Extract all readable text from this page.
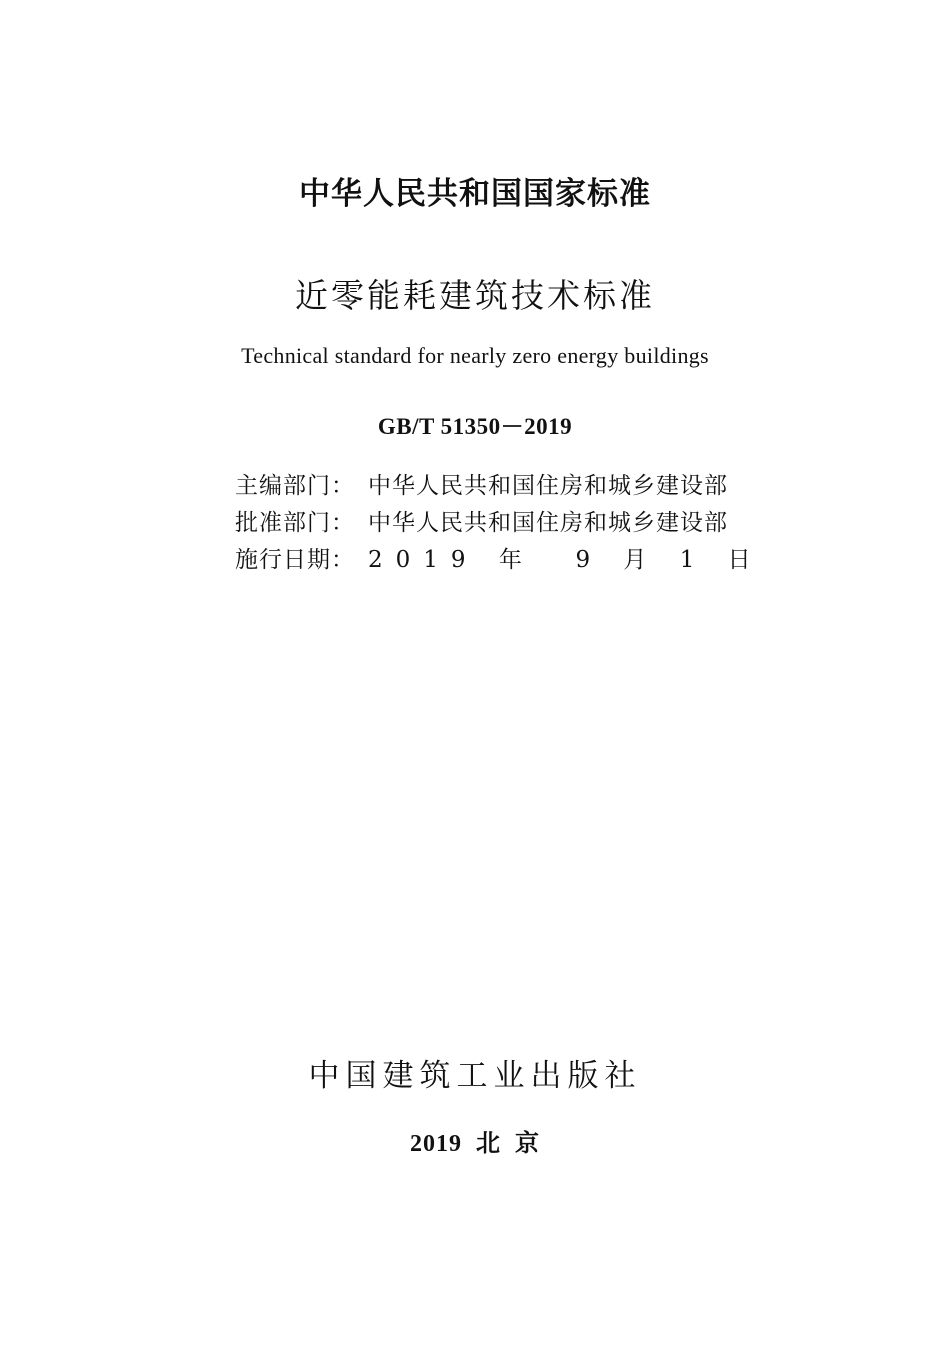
中华人民共和国国家标准
近零能耗建筑技术标准
Technical standard for nearly zero energy buildings
GB/T 51350－2019
主编部门： 中华人民共和国住房和城乡建设部
批准部门： 中华人民共和国住房和城乡建设部
施行日期： 2019 年  9 月 1 日
中国建筑工业出版社
2019  北  京
